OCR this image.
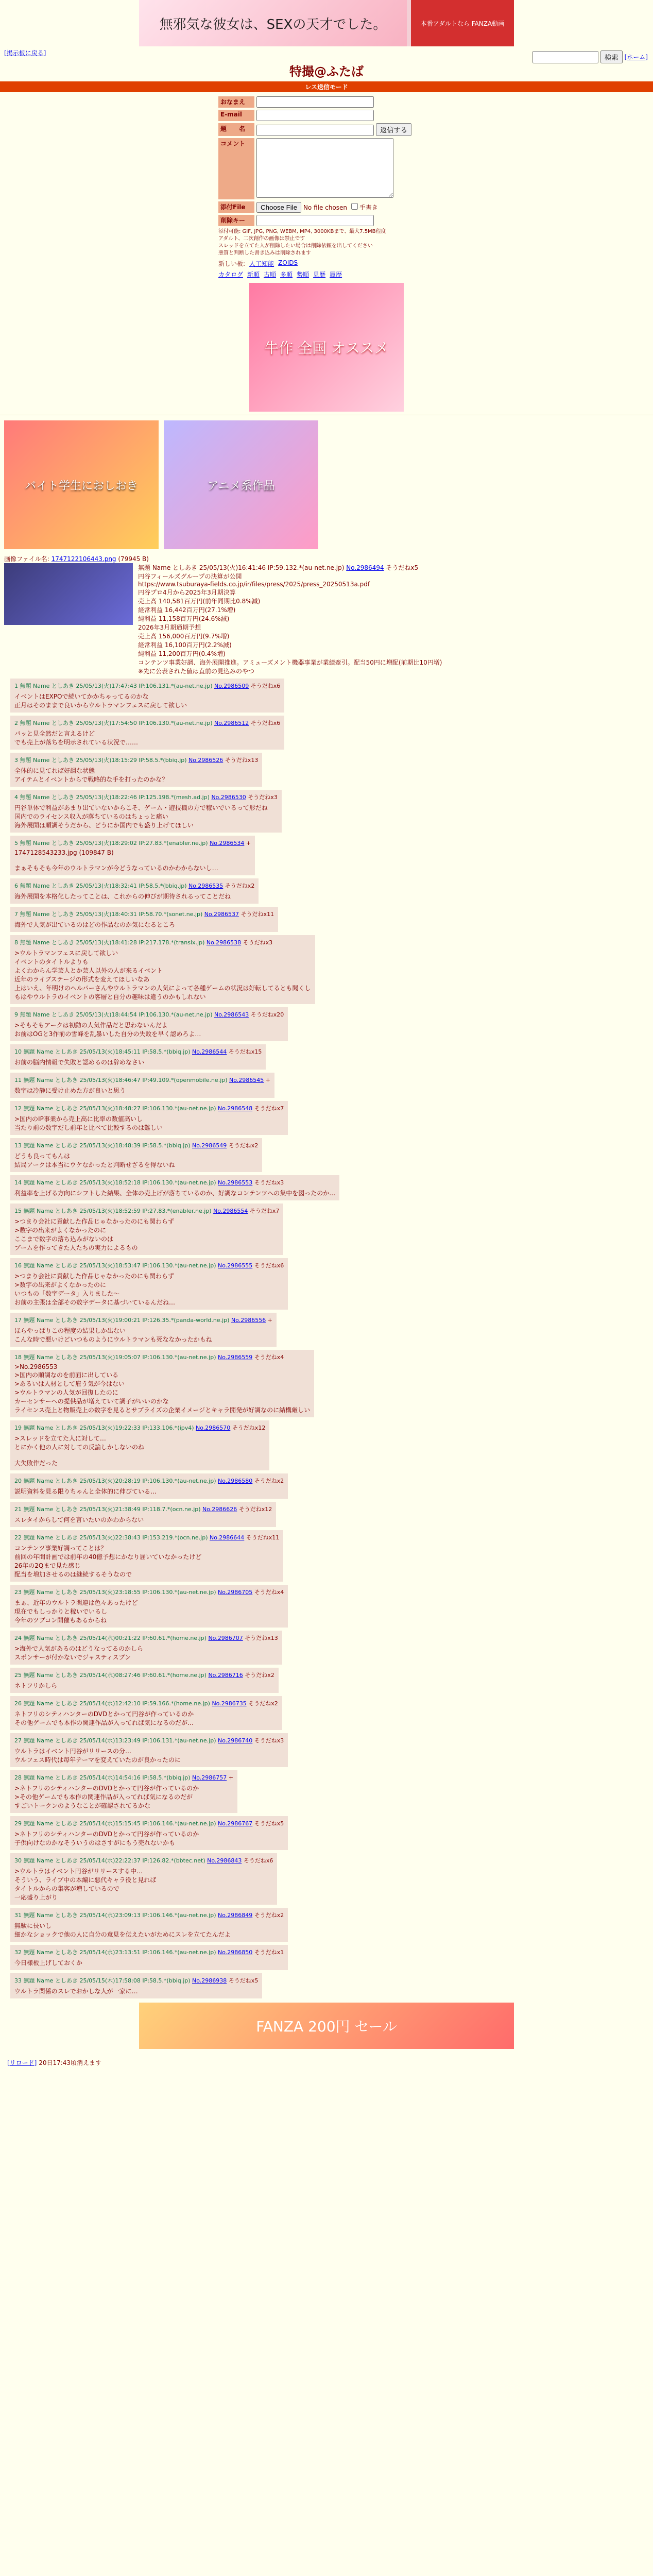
無邪気な彼女は、SEXの天才でした。	本番アダルトなら FANZA動画
検索	[ホーム]
[掲示板に戻る]
特撮@ふたば
レス送信モード
おなまえ
E-mail
題　　名	返信する
コメント
添付File	Choose File No file chosen 手書き
削除キー
添付可能: GIF, JPG, PNG, WEBM, MP4, 3000KBまで、最大7.5MB程度
アダルト、二次創作の画像は禁止です
スレッドを立てた人が削除したい場合は削除依頼を出してください
悪質と判断した書き込みは削除されます
新しい板: 人工知能 ZOIDS
カタログ 新順 古順 多順 勢順 見歴 履歴
牛作 全国 オススメ
バイト学生におしおき	アニメ系作品
画像ファイル名: 1747122106443.png (79945 B)
無題 Name としあき 25/05/13(火)16:41:46 IP:59.132.*(au-net.ne.jp) No.2986494 そうだねx5
円谷フィールズグループの決算が公開
https://www.tsuburaya-fields.co.jp/ir/files/press/2025/press_20250513a.pdf
円谷プロ4月から2025年3月期決算
売上高 140,581百万円(前年同期比0.8%減)
経常利益 16,442百万円(27.1%増)
純利益 11,158百万円(24.6%減)
2026年3月期通期予想
売上高 156,000百万円(9.7%増)
経常利益 16,100百万円(2.2%減)
純利益 11,200百万円(0.4%増)
コンテンツ事業好調、海外展開推進。アミューズメント機器事業が業績牽引。配当50円に増配(前期比10円増)
※先に公表された値は直前の見込みのやつ
1 無題 Name としあき 25/05/13(火)17:47:43 IP:106.131.*(au-net.ne.jp) No.2986509 そうだねx6
イベントはEXPOで続いてかかちゃってるのかな
正月はそのままで良いからウルトラマンフェスに戻して欲しい
2 無題 Name としあき 25/05/13(火)17:54:50 IP:106.130.*(au-net.ne.jp) No.2986512 そうだねx6
パッと見全然だと言えるけど
でも売上が落ちを明示されている状況で……
3 無題 Name としあき 25/05/13(火)18:15:29 IP:58.5.*(bbiq.jp) No.2986526 そうだねx13
全体的に見てれば好調な状態
アイテムとイベントからで戦略的な手を打ったのかな？
4 無題 Name としあき 25/05/13(火)18:22:46 IP:125.198.*(mesh.ad.jp) No.2986530 そうだねx3
円谷単体で利益があまり出ていないからこそ、ゲーム・遊技機の方で稼いでいるって形だね
国内でのライセンス収入が落ちているのはちょっと痛い
海外展開は順調そうだから、どうにか国内でも盛り上げてほしい
5 無題 Name としあき 25/05/13(火)18:29:02 IP:27.83.*(enabler.ne.jp) No.2986534 +
1747128543233.jpg (109847 B)

まぁそもそも今年のウルトラマンが今どうなっているのかわからないし…
6 無題 Name としあき 25/05/13(火)18:32:41 IP:58.5.*(bbiq.jp) No.2986535 そうだねx2
海外展開を本格化したってことは、これからの伸びが期待されるってことだね
7 無題 Name としあき 25/05/13(火)18:40:31 IP:58.70.*(sonet.ne.jp) No.2986537 そうだねx11
海外で人気が出ているのはどの作品なのか気になるところ
8 無題 Name としあき 25/05/13(火)18:41:28 IP:217.178.*(transix.jp) No.2986538 そうだねx3
>ウルトラマンフェスに戻して欲しい
イベントのタイトルよりも
よくわからん学芸人とか芸人以外の人が来るイベント
近年のライブステージの形式を変えてほしいなあ
上はいえ、年明けのヘルパーさんやウルトラマンの人気によって各種ゲームの状況は好転してるとも聞くし
もはやウルトラのイベントの客層と自分の趣味は違うのかもしれない
9 無題 Name としあき 25/05/13(火)18:44:54 IP:106.130.*(au-net.ne.jp) No.2986543 そうだねx20
>そもそもアークは初動の人気作品だと思わないんだよ
お前はOGと3作前の雪峰を乱暴いした自分の失敗を早く認めろよ…
10 無題 Name としあき 25/05/13(火)18:45:11 IP:58.5.*(bbiq.jp) No.2986544 そうだねx15
お前の脳内情報で失敗と認めるのは辞めなさい
11 無題 Name としあき 25/05/13(火)18:46:47 IP:49.109.*(openmobile.ne.jp) No.2986545 +
数字は冷静に受け止めた方が良いと思う
12 無題 Name としあき 25/05/13(火)18:48:27 IP:106.130.*(au-net.ne.jp) No.2986548 そうだねx7
>国内のIP事業から売上高に比率の数値高いし
当たり前の数字だし前年と比べて比較するのは難しい
13 無題 Name としあき 25/05/13(火)18:48:39 IP:58.5.*(bbiq.jp) No.2986549 そうだねx2
どうも良ってもんは
結局アークは本当にウケなかったと判断せざるを得ないね
14 無題 Name としあき 25/05/13(火)18:52:18 IP:106.130.*(au-net.ne.jp) No.2986553 そうだねx3
利益率を上げる方向にシフトした結果、全体の売上げが落ちているのか、好調なコンテンツへの集中を図ったのか…
15 無題 Name としあき 25/05/13(火)18:52:59 IP:27.83.*(enabler.ne.jp) No.2986554 そうだねx7
>つまり会社に貢献した作品じゃなかったのにも関わらず
>数字の出来がよくなかったのに
ここまで数字の落ち込みがないのは
ブームを作ってきた人たちの実力によるもの
16 無題 Name としあき 25/05/13(火)18:53:47 IP:106.130.*(au-net.ne.jp) No.2986555 そうだねx6
>つまり会社に貢献した作品じゃなかったのにも関わらず
>数字の出来がよくなかったのに
いつもの「数字データ」入りました〜
お前の主張は全部その数字データに基づいているんだね…
17 無題 Name としあき 25/05/13(火)19:00:21 IP:126.35.*(panda-world.ne.jp) No.2986556 +
ほらやっぱりこの程度の結果しか出ない
こんな時で悪いけどいつものようにウルトラマンも死ななかったかもね
18 無題 Name としあき 25/05/13(火)19:05:07 IP:106.130.*(au-net.ne.jp) No.2986559 そうだねx4
>No.2986553
>国内の順調なのを前面に出している
>あるいは人材として雇う気が今はない
>ウルトラマンの人気が回復したのに
カーセンサーへの提供品が増えていて調子がいいのかな
ライセンス売上と物販売上の数字を見るとサプライズの企業イメージとキャラ開発が好調なのに結構厳しい
19 無題 Name としあき 25/05/13(火)19:22:33 IP:133.106.*(ipv4) No.2986570 そうだねx12
>スレッドを立てた人に対して…
とにかく他の人に対しての反論しかしないのね

大失敗作だった
20 無題 Name としあき 25/05/13(火)20:28:19 IP:106.130.*(au-net.ne.jp) No.2986580 そうだねx2
説明資料を見る限りちゃんと全体的に伸びている…
21 無題 Name としあき 25/05/13(火)21:38:49 IP:118.7.*(ocn.ne.jp) No.2986626 そうだねx12
スレタイからして何を言いたいのかわからない
22 無題 Name としあき 25/05/13(火)22:38:43 IP:153.219.*(ocn.ne.jp) No.2986644 そうだねx11
コンテンツ事業好調ってことは？
前回の年間計画では前年の40億予想にかなり届いていなかったけど
26年の2Qまで見た感じ
配当を増加させるのは継続するそうなので
23 無題 Name としあき 25/05/13(火)23:18:55 IP:106.130.*(au-net.ne.jp) No.2986705 そうだねx4
まぁ、近年のウルトラ関連は色々あったけど
現在でもしっかりと稼いでいるし
今年のツブコン開催もあるからね
24 無題 Name としあき 25/05/14(水)00:21:22 IP:60.61.*(home.ne.jp) No.2986707 そうだねx13
>海外で人気があるのはどうなってるのかしら
スポンサーが付かないでジャスティスブン
25 無題 Name としあき 25/05/14(水)08:27:46 IP:60.61.*(home.ne.jp) No.2986716 そうだねx2
ネトフリかしら
26 無題 Name としあき 25/05/14(水)12:42:10 IP:59.166.*(home.ne.jp) No.2986735 そうだねx2
ネトフリのシティハンターのDVDとかって円谷が作っているのか
その他ゲームでも本作の関連作品が入ってれば気になるのだが…
27 無題 Name としあき 25/05/14(水)13:23:49 IP:106.131.*(au-net.ne.jp) No.2986740 そうだねx3
ウルトラはイベント円谷がリリースの分…
ウルフェス時代は毎年テーマを変えていたのが良かったのに
28 無題 Name としあき 25/05/14(水)14:54:16 IP:58.5.*(bbiq.jp) No.2986757 +
>ネトフリのシティハンターのDVDとかって円谷が作っているのか
>その他ゲームでも本作の関連作品が入ってれば気になるのだが
すごいトークンのようなことが確認されてるかな
29 無題 Name としあき 25/05/14(水)15:15:45 IP:106.146.*(au-net.ne.jp) No.2986767 そうだねx5
>ネトフリのシティハンターのDVDとかって円谷が作っているのか
子供向けなのかなそういうのはさすがにもう売れないかも
30 無題 Name としあき 25/05/14(水)22:22:37 IP:126.82.*(bbtec.net) No.2986843 そうだねx6
>ウルトラはイベント円谷がリリースする中…
そういう、ライブ中の本編に悪代キャラ役と見れば
タイトルからの集客が増しているので
一応盛り上がり
31 無題 Name としあき 25/05/14(水)23:09:13 IP:106.146.*(au-net.ne.jp) No.2986849 そうだねx2
無駄に長いし
細かなショックで他の人に自分の意見を伝えたいがためにスレを立てたんだよ
32 無題 Name としあき 25/05/14(水)23:13:51 IP:106.146.*(au-net.ne.jp) No.2986850 そうだねx1
今日様板上げしておくか
33 無題 Name としあき 25/05/15(木)17:58:08 IP:58.5.*(bbiq.jp) No.2986938 そうだねx5
ウルトラ関係のスレでおかしな人が一家に…
FANZA 200円 セール
[リロード] 20日17:43頃消えます
